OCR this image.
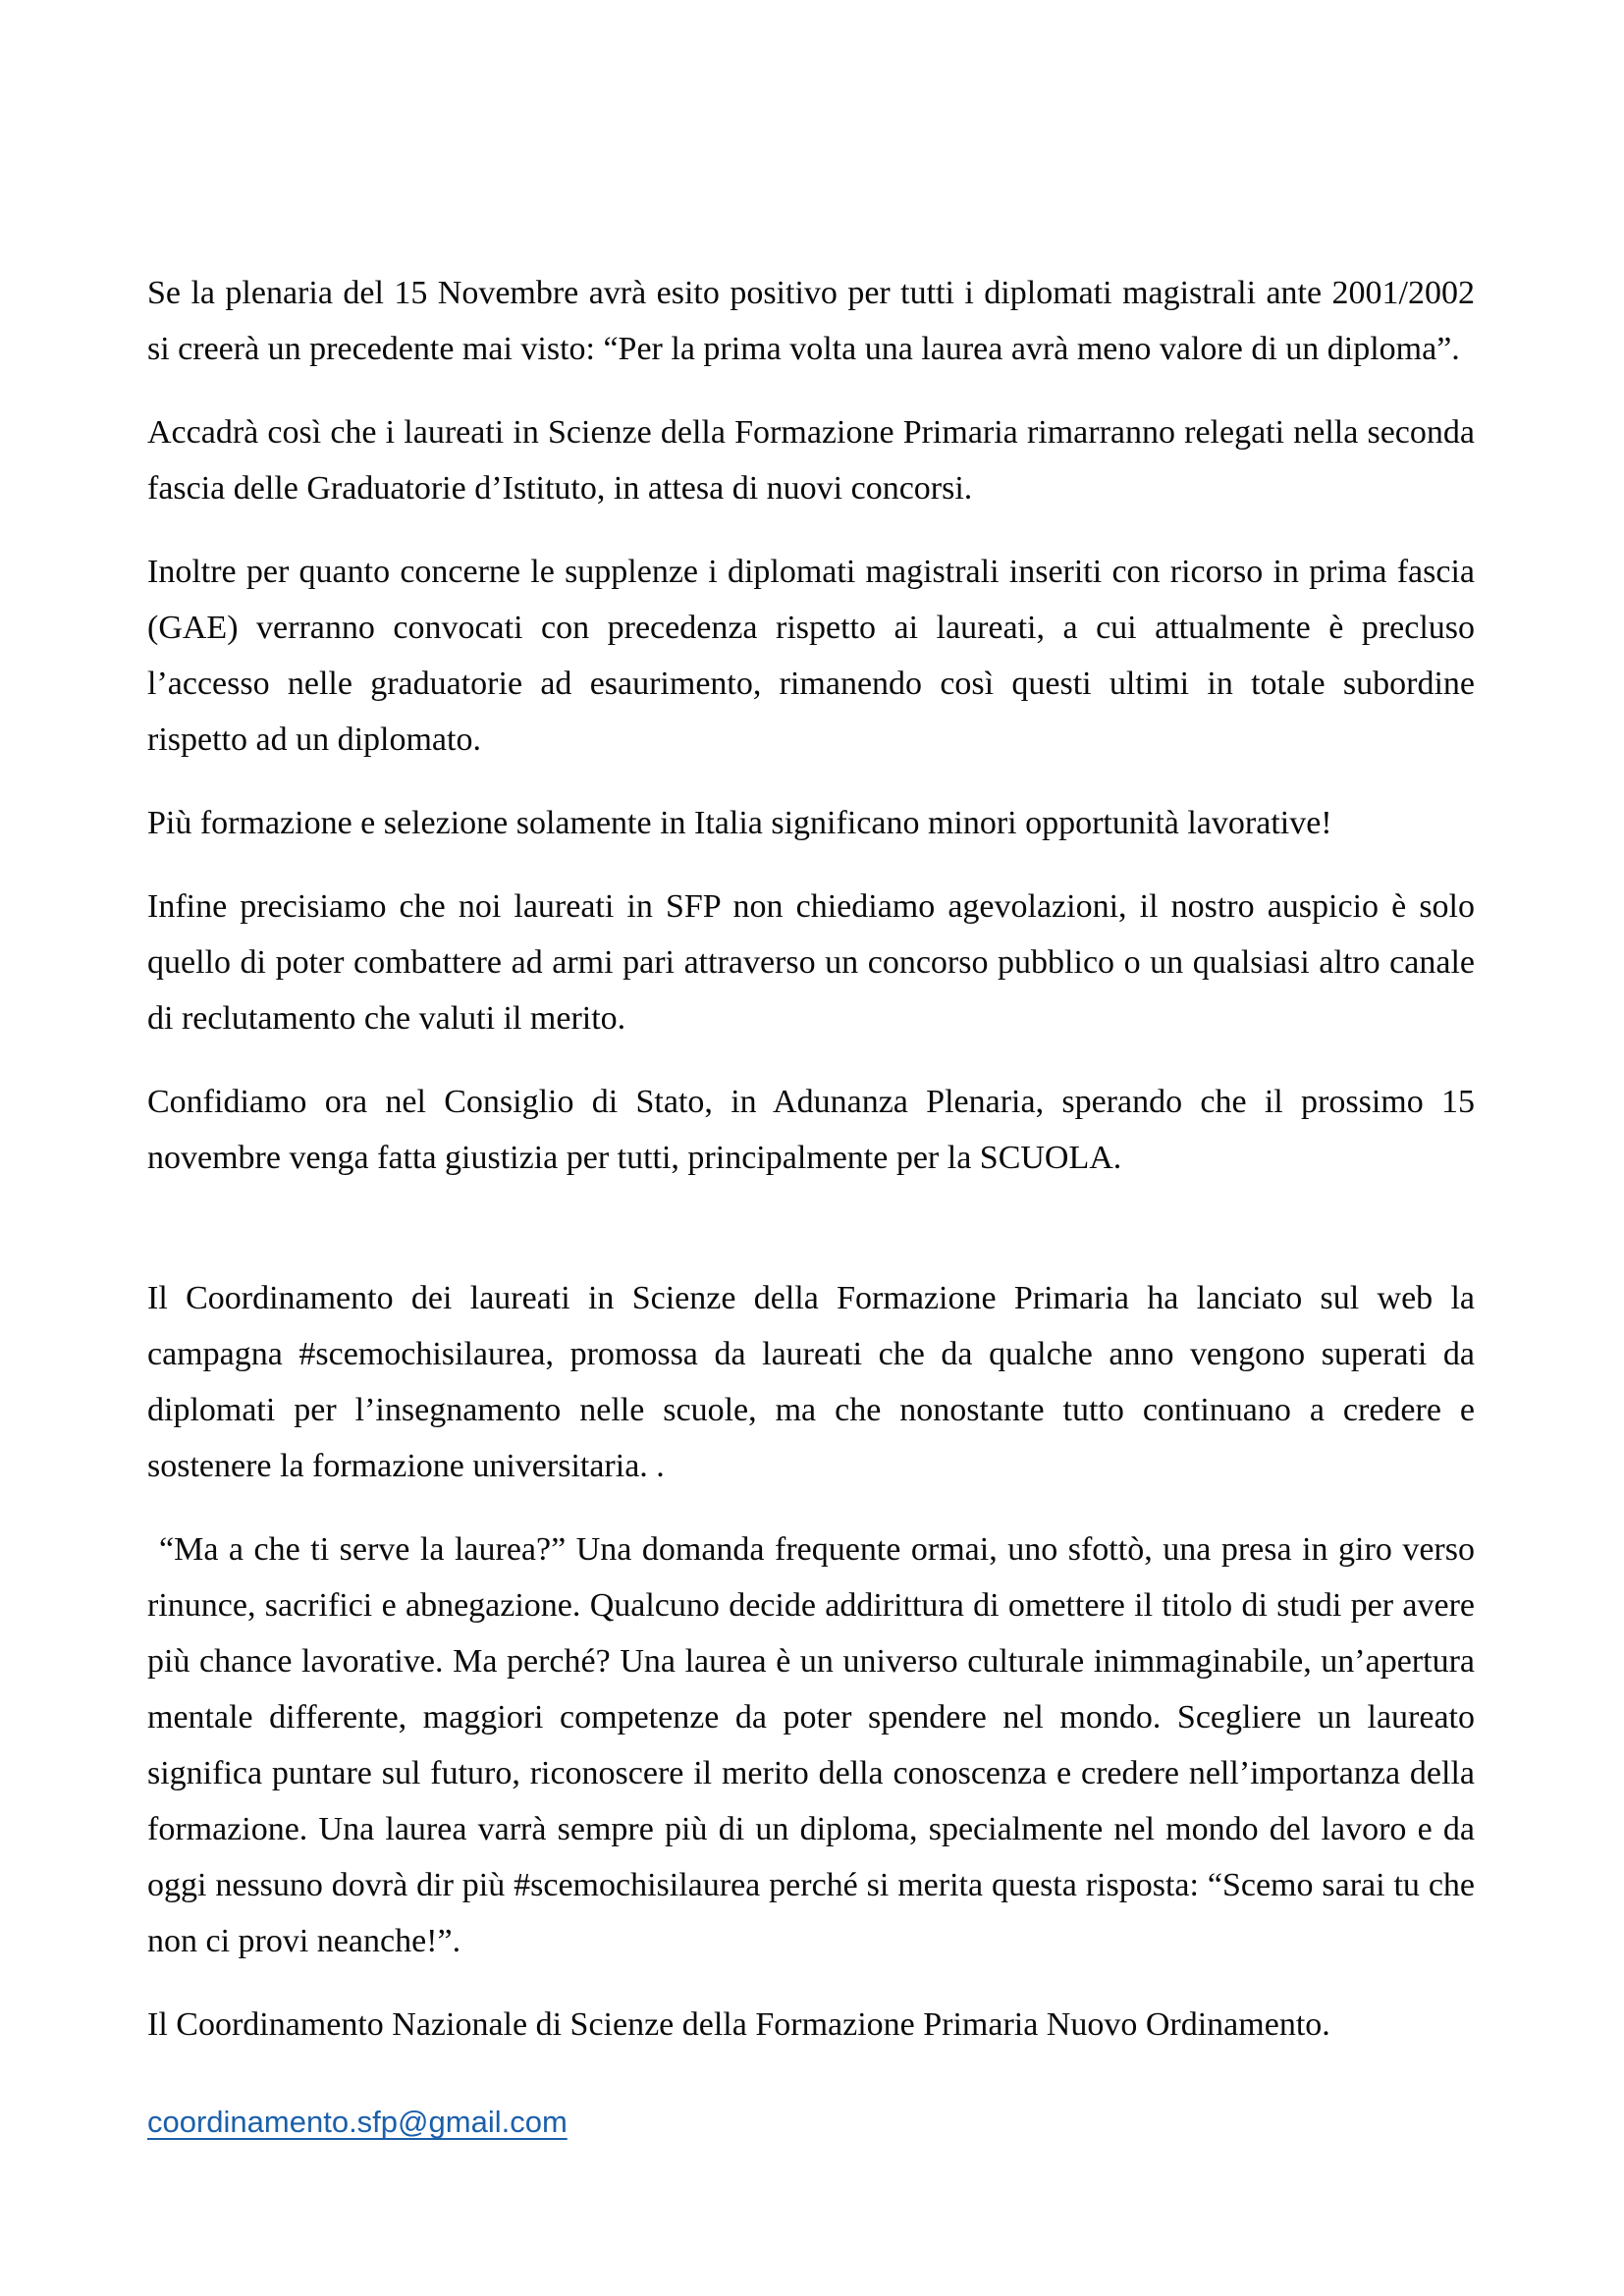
Se la plenaria del 15 Novembre avrà esito positivo per tutti i diplomati magistrali ante 2001/2002 si creerà un precedente mai visto: “Per la prima volta una laurea avrà meno valore di un diploma”.

Accadrà così che i laureati in Scienze della Formazione Primaria rimarranno relegati nella seconda fascia delle Graduatorie d’Istituto, in attesa di nuovi concorsi.

Inoltre per quanto concerne le supplenze i diplomati magistrali inseriti con ricorso in prima fascia (GAE) verranno convocati con precedenza rispetto ai laureati, a cui attualmente è precluso l’accesso nelle graduatorie ad esaurimento, rimanendo così questi ultimi in totale subordine rispetto ad un diplomato.

Più formazione e selezione solamente in Italia significano minori opportunità lavorative!

Infine precisiamo che noi laureati in SFP non chiediamo agevolazioni, il nostro auspicio è solo quello di poter combattere ad armi pari attraverso un concorso pubblico o un qualsiasi altro canale di reclutamento che valuti il merito.

Confidiamo ora nel Consiglio di Stato, in Adunanza Plenaria, sperando che il prossimo 15 novembre venga fatta giustizia per tutti, principalmente per la SCUOLA.

Il Coordinamento dei laureati in Scienze della Formazione Primaria ha lanciato sul web la campagna #scemochisilaurea, promossa da laureati che da qualche anno vengono superati da diplomati per l’insegnamento nelle scuole, ma che nonostante tutto continuano a credere e sostenere la formazione universitaria. .

“Ma a che ti serve la laurea?” Una domanda frequente ormai, uno sfottò, una presa in giro verso rinunce, sacrifici e abnegazione. Qualcuno decide addirittura di omettere il titolo di studi per avere più chance lavorative. Ma perché? Una laurea è un universo culturale inimmaginabile, un’apertura mentale differente, maggiori competenze da poter spendere nel mondo. Scegliere un laureato significa puntare sul futuro, riconoscere il merito della conoscenza e credere nell’importanza della formazione. Una laurea varrà sempre più di un diploma, specialmente nel mondo del lavoro e da oggi nessuno dovrà dir più #scemochisilaurea perché si merita questa risposta: “Scemo sarai tu che non ci provi neanche!”.

Il Coordinamento Nazionale di Scienze della Formazione Primaria Nuovo Ordinamento.

coordinamento.sfp@gmail.com
